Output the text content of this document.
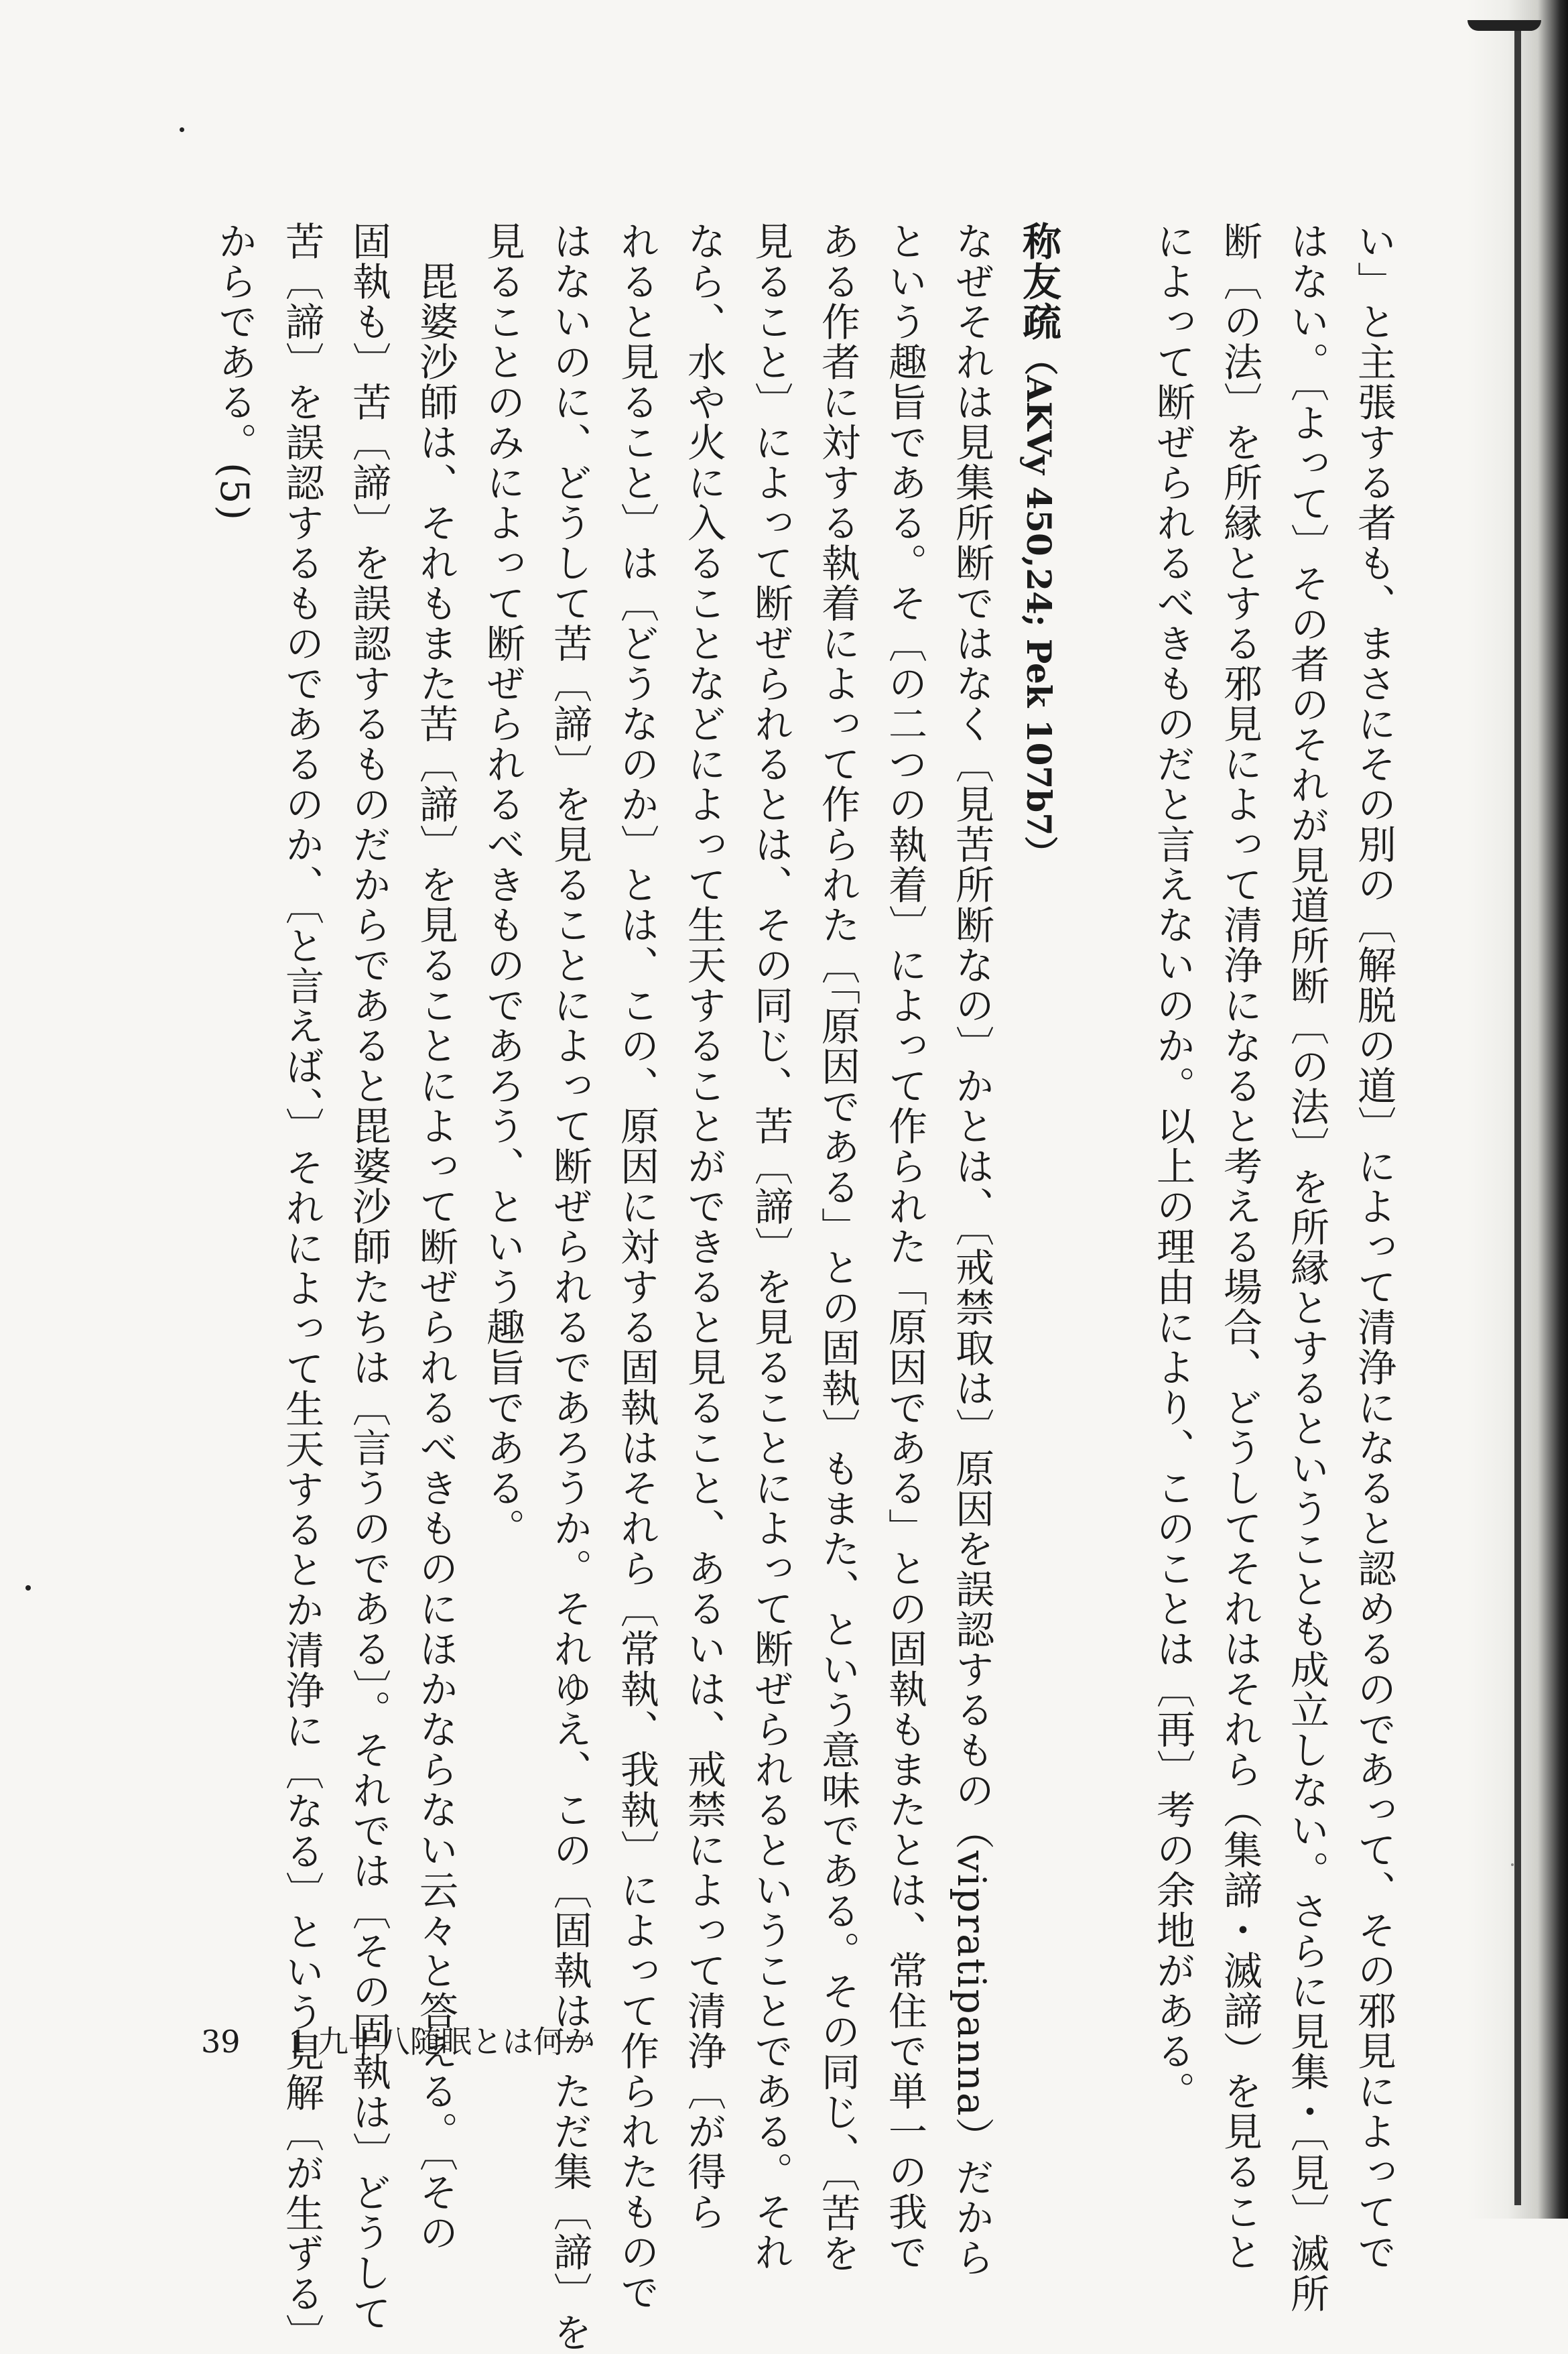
い」と主張する者も、まさにその別の〔解脱の道〕によって清浄になると認めるのであって、その邪見によってで
はない。〔よって〕その者のそれが見道所断〔の法〕を所縁とするということも成立しない。さらに見集・〔見〕滅所
断〔の法〕を所縁とする邪見によって清浄になると考える場合、どうしてそれはそれら（集諦・滅諦）を見ること
によって断ぜられるべきものだと言えないのか。以上の理由により、このことは〔再〕考の余地がある。
称友疏（AKVy 450,24; Pek 107b7）
なぜそれは見集所断ではなく〔見苦所断なの〕かとは、〔戒禁取は〕原因を誤認するもの（vipratipanna）だから
という趣旨である。そ〔の二つの執着〕によって作られた「原因である」との固執もまたとは、常住で単一の我で
ある作者に対する執着によって作られた〔「原因である」との固執〕もまた、という意味である。その同じ、〔苦を
見ること〕によって断ぜられるとは、その同じ、苦〔諦〕を見ることによって断ぜられるということである。それ
なら、水や火に入ることなどによって生天することができると見ること、あるいは、戒禁によって清浄〔が得ら
れると見ること〕は〔どうなのか〕とは、この、原因に対する固執はそれら〔常執、我執〕によって作られたもので
はないのに、どうして苦〔諦〕を見ることによって断ぜられるであろうか。それゆえ、この〔固執は〕ただ集〔諦〕を
見ることのみによって断ぜられるべきものであろう、という趣旨である。
　毘婆沙師は、それもまた苦〔諦〕を見ることによって断ぜられるべきものにほかならない云々と答える。〔その
固執も〕苦〔諦〕を誤認するものだからであると毘婆沙師たちは〔言うのである〕。それでは〔その固執は〕どうして
苦〔諦〕を誤認するものであるのか、〔と言えば、〕それによって生天するとか清浄に〔なる〕という見解〔が生ずる〕
からである。(5)
39 1 九十八随眠とは何か
